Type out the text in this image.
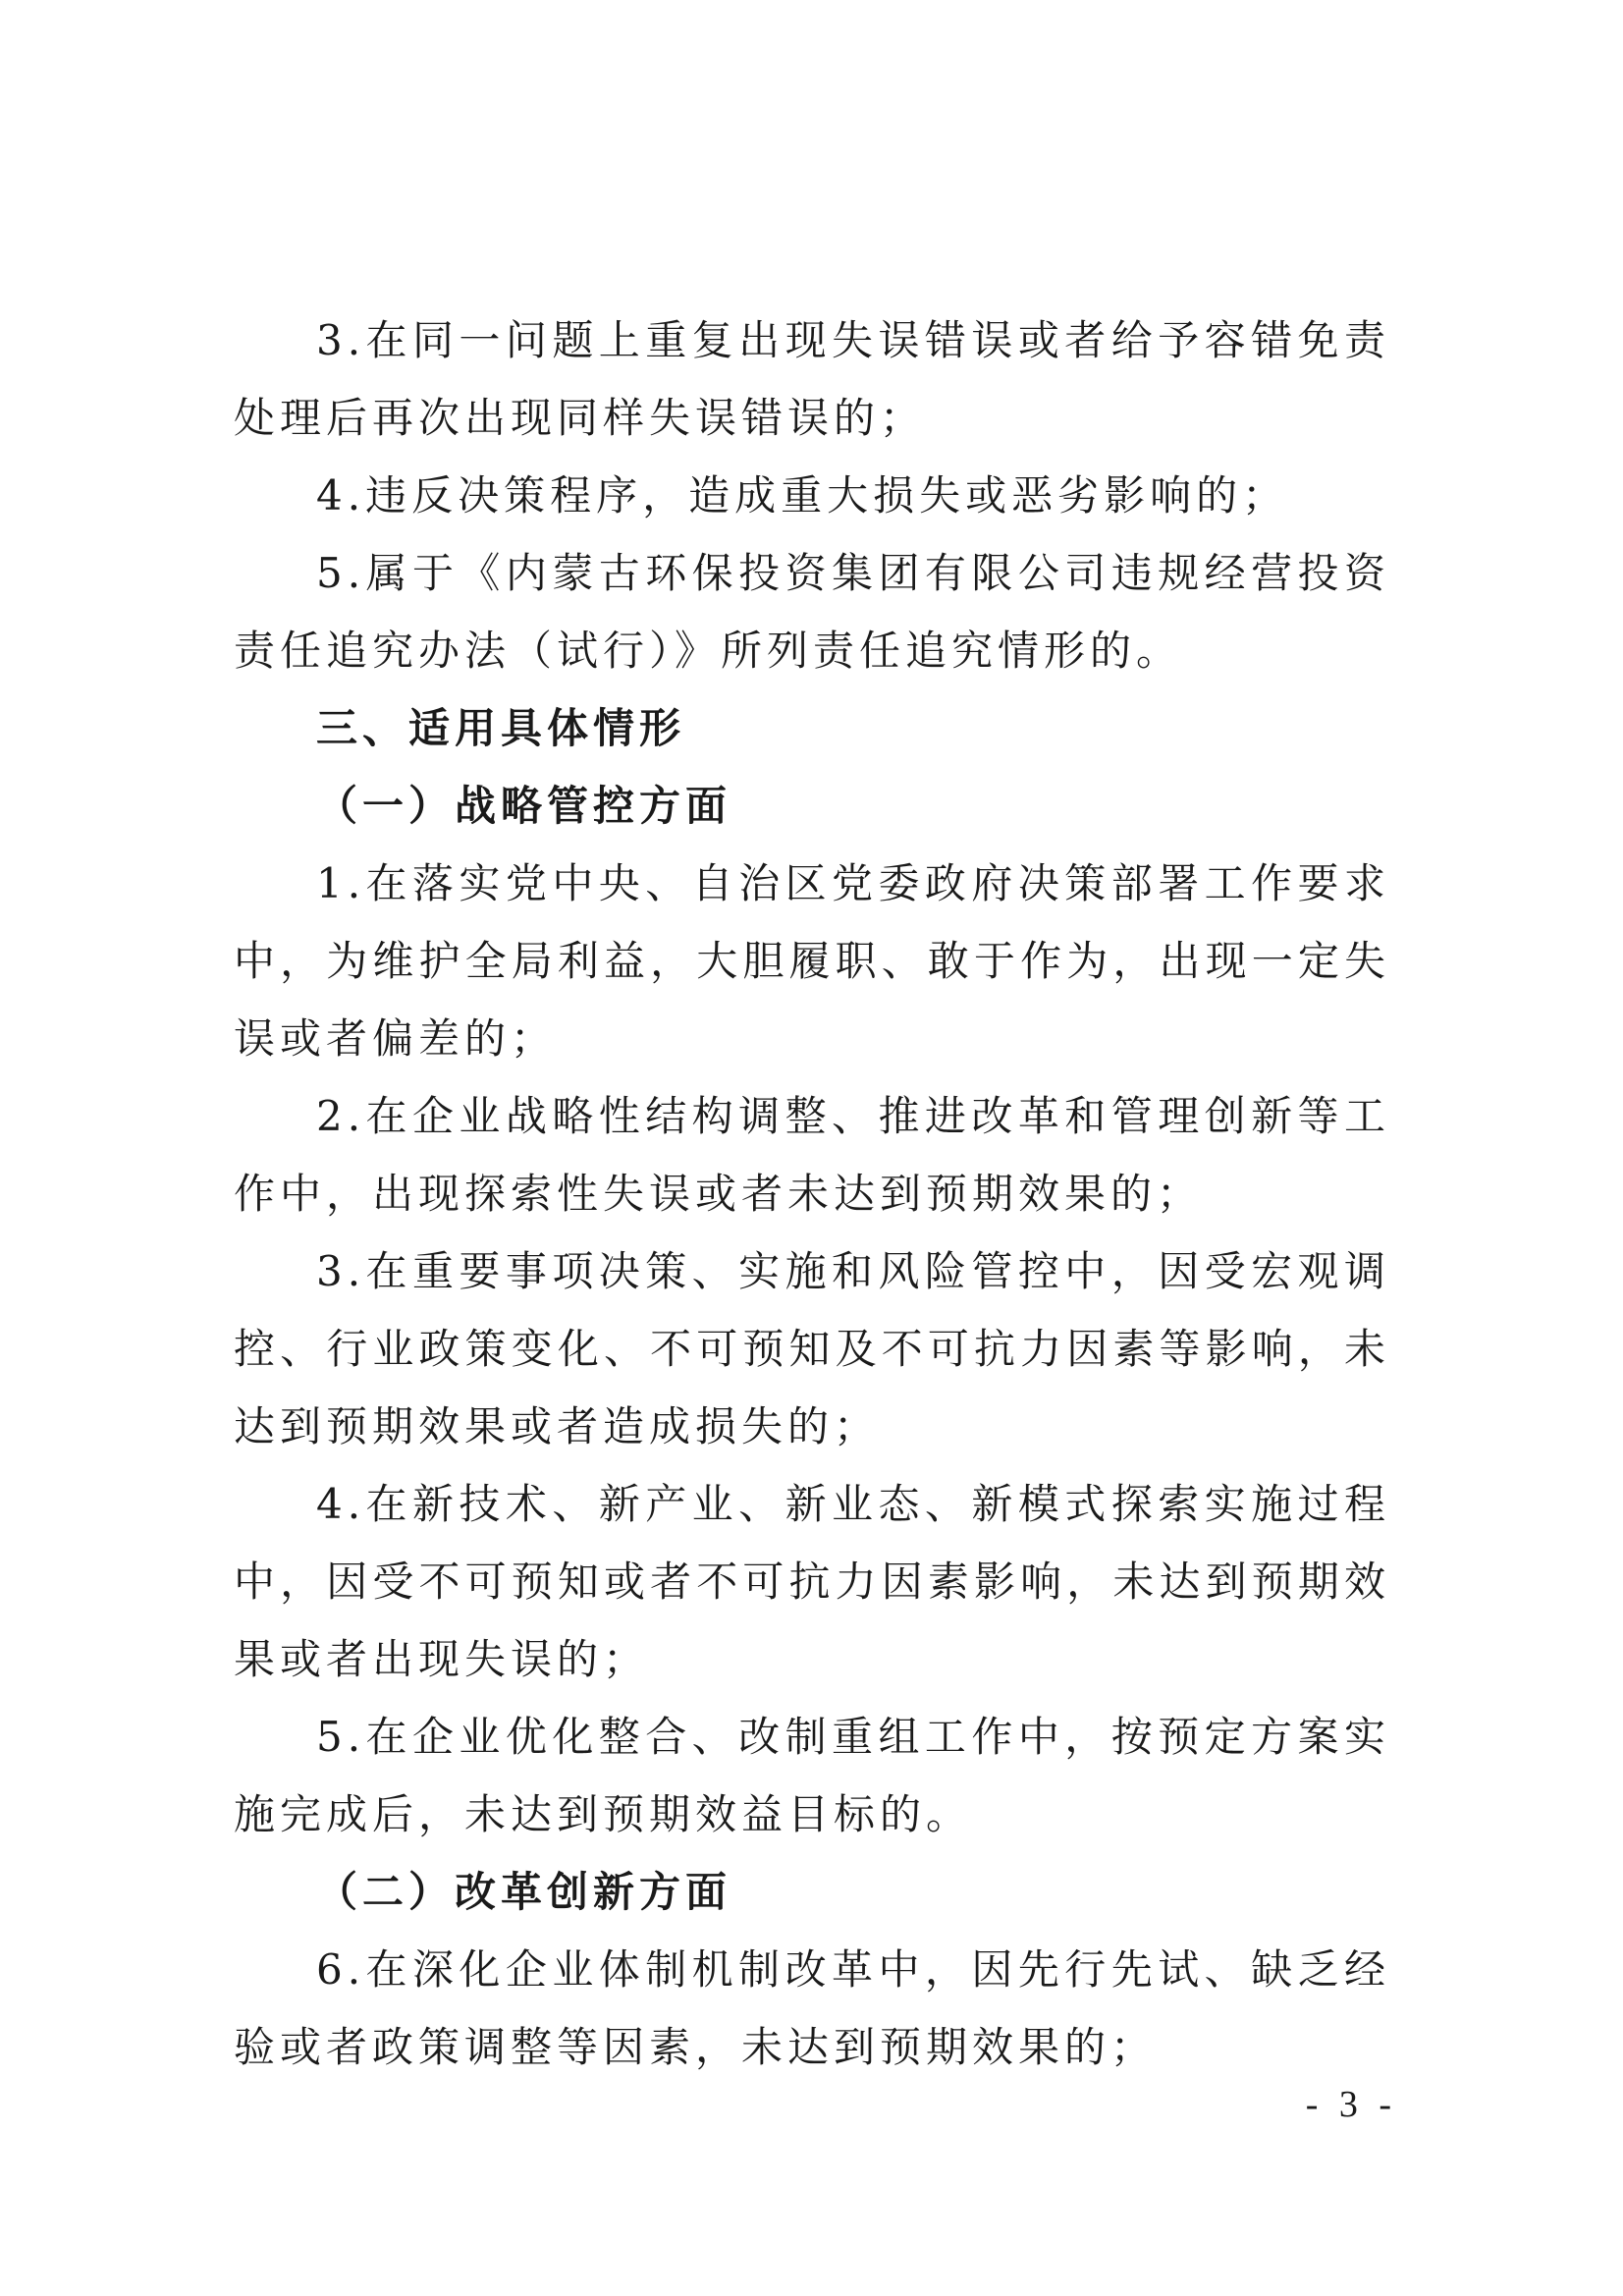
3.在同一问题上重复出现失误错误或者给予容错免责处理后再次出现同样失误错误的；

4.违反决策程序，造成重大损失或恶劣影响的；

5.属于《内蒙古环保投资集团有限公司违规经营投资责任追究办法（试行）》所列责任追究情形的。

三、适用具体情形

（一）战略管控方面

1.在落实党中央、自治区党委政府决策部署工作要求中，为维护全局利益，大胆履职、敢于作为，出现一定失误或者偏差的；

2.在企业战略性结构调整、推进改革和管理创新等工作中，出现探索性失误或者未达到预期效果的；

3.在重要事项决策、实施和风险管控中，因受宏观调控、行业政策变化、不可预知及不可抗力因素等影响，未达到预期效果或者造成损失的；

4.在新技术、新产业、新业态、新模式探索实施过程中，因受不可预知或者不可抗力因素影响，未达到预期效果或者出现失误的；

5.在企业优化整合、改制重组工作中，按预定方案实施完成后，未达到预期效益目标的。

（二）改革创新方面

6.在深化企业体制机制改革中，因先行先试、缺乏经验或者政策调整等因素，未达到预期效果的；

- 3 -
